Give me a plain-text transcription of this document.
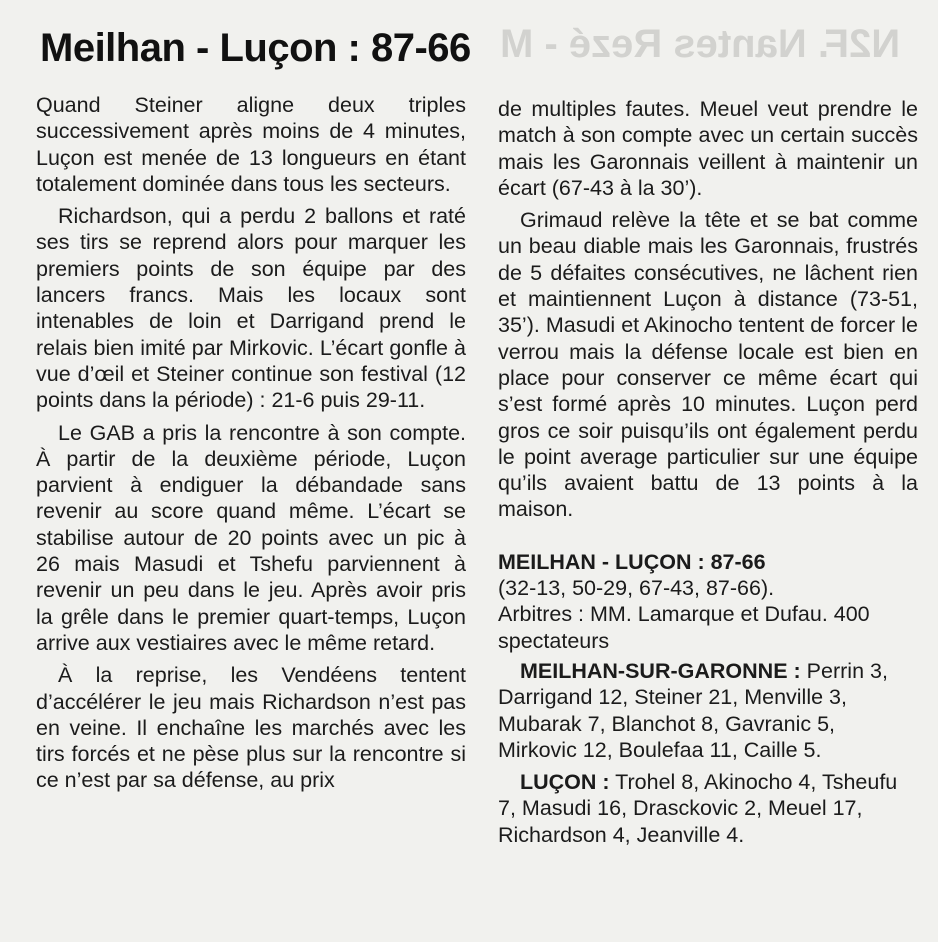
N2F. Nantes Rezé - M
Meilhan - Luçon : 87-66

Quand Steiner aligne deux triples successivement après moins de 4 minutes, Luçon est menée de 13 longueurs en étant totalement dominée dans tous les secteurs.

Richardson, qui a perdu 2 ballons et raté ses tirs se reprend alors pour marquer les premiers points de son équipe par des lancers francs. Mais les locaux sont intenables de loin et Darrigand prend le relais bien imité par Mirkovic. L’écart gonfle à vue d’œil et Steiner continue son festival (12 points dans la période) : 21-6 puis 29-11.

Le GAB a pris la rencontre à son compte. À partir de la deuxième période, Luçon parvient à endiguer la débandade sans revenir au score quand même. L’écart se stabilise autour de 20 points avec un pic à 26 mais Masudi et Tshefu parviennent à revenir un peu dans le jeu. Après avoir pris la grêle dans le premier quart-temps, Luçon arrive aux vestiaires avec le même retard.

À la reprise, les Vendéens tentent d’accélérer le jeu mais Richardson n’est pas en veine. Il enchaîne les marchés avec les tirs forcés et ne pèse plus sur la rencontre si ce n’est par sa défense, au prix

de multiples fautes. Meuel veut prendre le match à son compte avec un certain succès mais les Garonnais veillent à maintenir un écart (67-43 à la 30’).

Grimaud relève la tête et se bat comme un beau diable mais les Garonnais, frustrés de 5 défaites consécutives, ne lâchent rien et maintiennent Luçon à distance (73-51, 35’). Masudi et Akinocho tentent de forcer le verrou mais la défense locale est bien en place pour conserver ce même écart qui s’est formé après 10 minutes. Luçon perd gros ce soir puisqu’ils ont également perdu le point average particulier sur une équipe qu’ils avaient battu de 13 points à la maison.

MEILHAN - LUÇON : 87-66

(32-13, 50-29, 67-43, 87-66).

Arbitres : MM. Lamarque et Dufau. 400 spectateurs

MEILHAN-SUR-GARONNE : Perrin 3, Darrigand 12, Steiner 21, Menville 3, Mubarak 7, Blanchot 8, Gavranic 5, Mirkovic 12, Boulefaa 11, Caille 5.

LUÇON : Trohel 8, Akinocho 4, Tsheufu 7, Masudi 16, Drasckovic 2, Meuel 17, Richardson 4, Jeanville 4.
